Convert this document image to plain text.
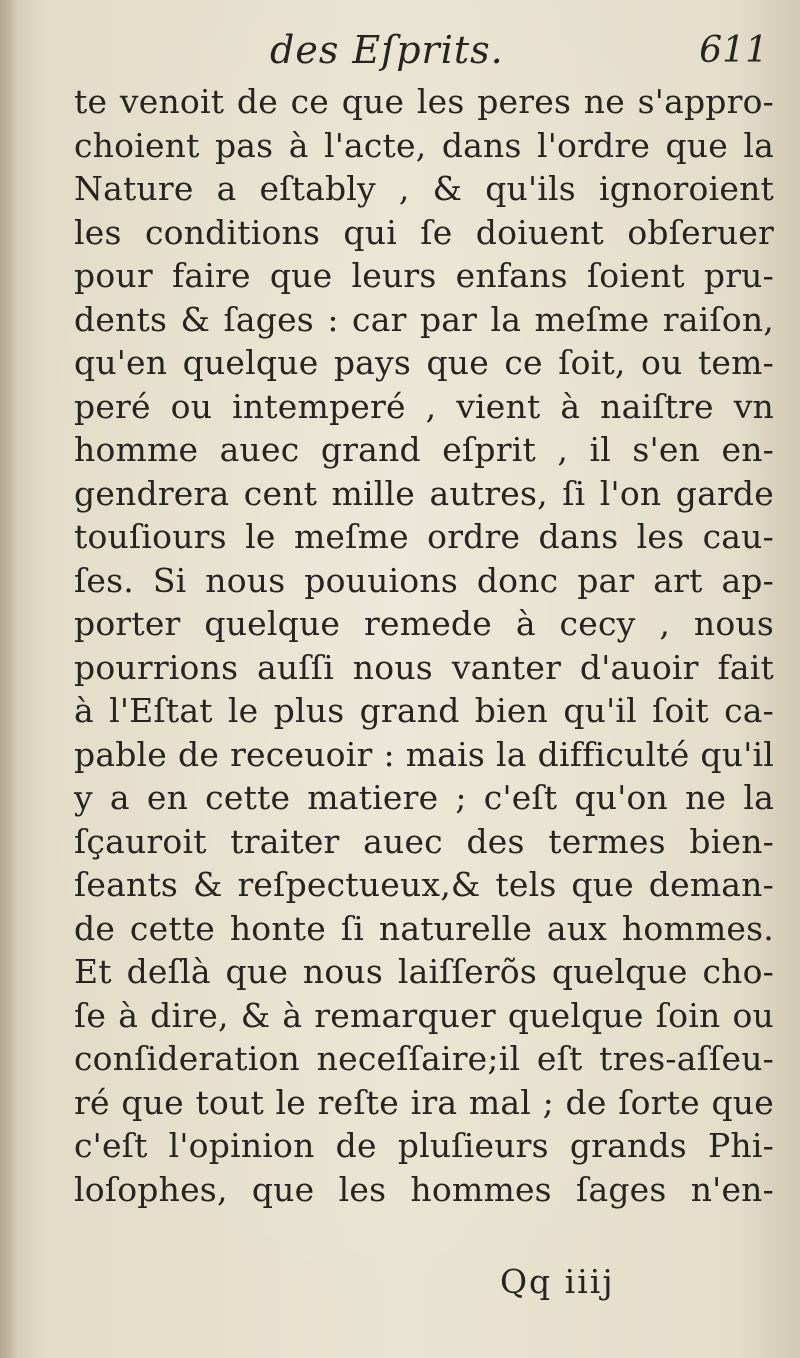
des Eſprits.	611
te venoit de ce que les peres ne s'appro-
choient pas à l'acte, dans l'ordre que la
Nature a eſtably , & qu'ils ignoroient
les conditions qui ſe doiuent obſeruer
pour faire que leurs enfans ſoient pru-
dents & ſages : car par la meſme raiſon,
qu'en quelque pays que ce ſoit, ou tem-
peré ou intemperé , vient à naiſtre vn
homme auec grand eſprit , il s'en en-
gendrera cent mille autres, ſi l'on garde
touſiours le meſme ordre dans les cau-
ſes. Si nous pouuions donc par art ap-
porter quelque remede à cecy , nous
pourrions auſſi nous vanter d'auoir fait
à l'Eſtat le plus grand bien qu'il ſoit ca-
pable de receuoir : mais la difficulté qu'il
y a en cette matiere ; c'eſt qu'on ne la
ſçauroit traiter auec des termes bien-
ſeants & reſpectueux,& tels que deman-
de cette honte ſi naturelle aux hommes.
Et deſlà que nous laiſſerõs quelque cho-
ſe à dire, & à remarquer quelque ſoin ou
conſideration neceſſaire;il eſt tres-aſſeu-
ré que tout le reſte ira mal ; de ſorte que
c'eſt l'opinion de pluſieurs grands Phi-
loſophes, que les hommes ſages n'en-
Qq iiij
